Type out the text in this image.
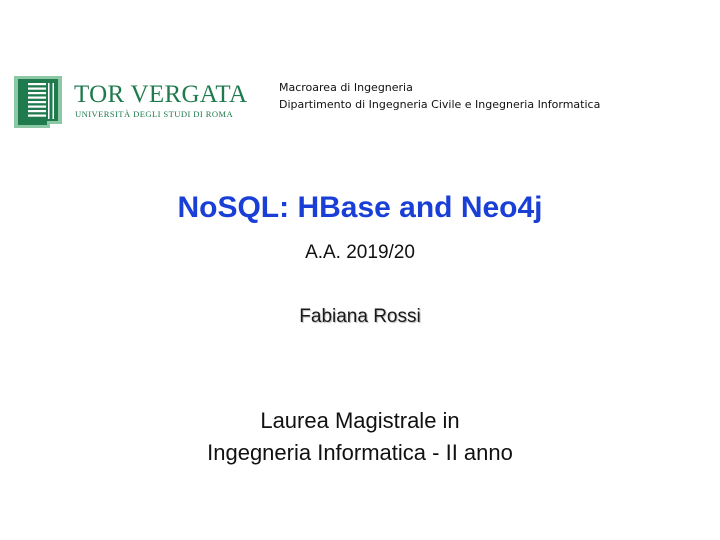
TOR VERGATA
UNIVERSITÀ DEGLI STUDI DI ROMA
Macroarea di Ingegneria
Dipartimento di Ingegneria Civile e Ingegneria Informatica
NoSQL: HBase and Neo4j
A.A. 2019/20
Fabiana Rossi
Laurea Magistrale in
Ingegneria Informatica - II anno
